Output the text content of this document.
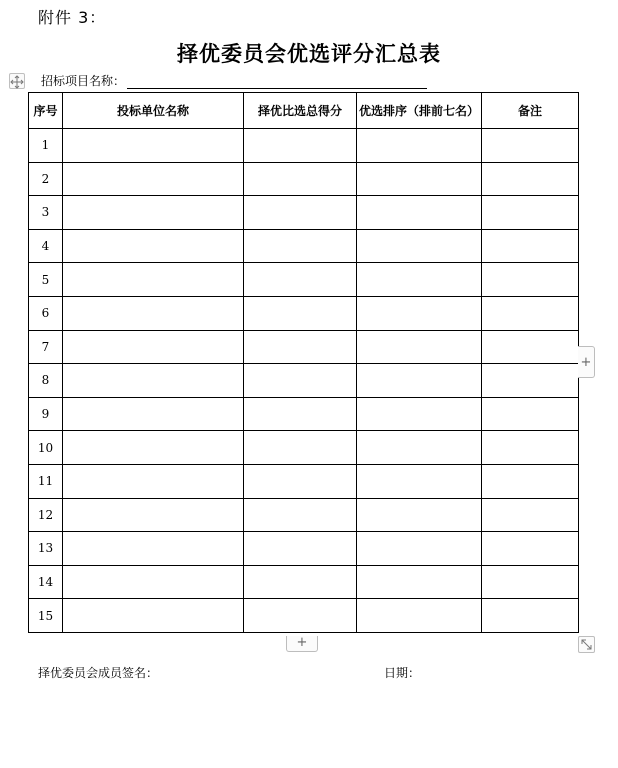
附件 3：
择优委员会优选评分汇总表
招标项目名称：
序号	投标单位名称	择优比选总得分	优选排序（排前七名）	备注
1				
2				
3				
4				
5				
6				
7				
8				
9				
10				
11				
12				
13				
14				
15				
+
+
择优委员会成员签名：	日期：
